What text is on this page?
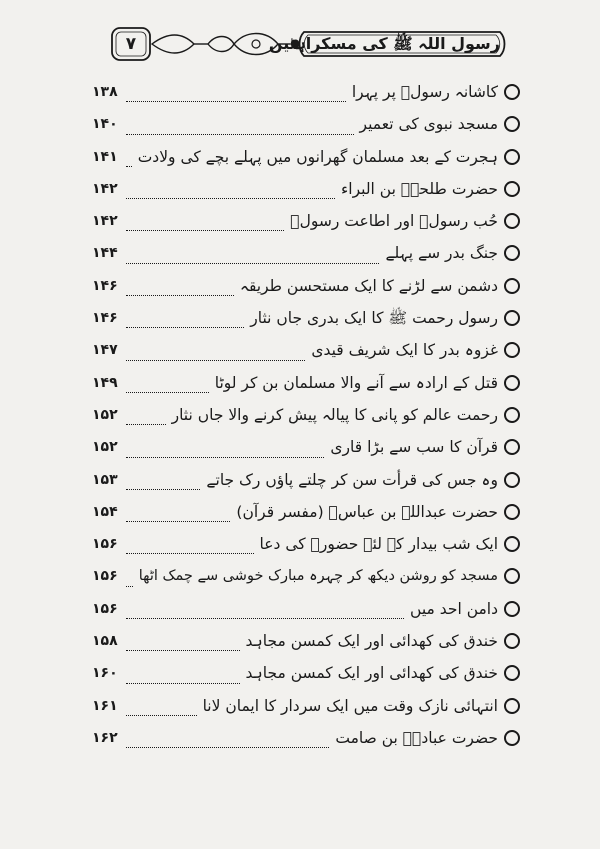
۷	رسول اللہ ﷺ کی مسکراہٹیں
کاشانہ رسولؐ پر پہرا
۱۳۸
مسجد نبوی کی تعمیر
۱۴۰
ہجرت کے بعد مسلمان گھرانوں میں پہلے بچے کی ولادت
۱۴۱
حضرت طلحہؓ بن البراء
۱۴۲
حُب رسولؐ اور اطاعت رسولؐ
۱۴۲
جنگ بدر سے پہلے
۱۴۴
دشمن سے لڑنے کا ایک مستحسن طریقہ
۱۴۶
رسول رحمت ﷺ کا ایک بدری جاں نثار
۱۴۶
غزوہ بدر کا ایک شریف قیدی
۱۴۷
قتل کے ارادہ سے آنے والا مسلمان بن کر لوٹا
۱۴۹
رحمت عالم کو پانی کا پیالہ پیش کرنے والا جاں نثار
۱۵۲
قرآن کا سب سے بڑا قاری
۱۵۲
وہ جس کی قرأت سن کر چلتے پاؤں رک جاتے
۱۵۳
حضرت عبداللہ بن عباسؓ (مفسر قرآن)
۱۵۴
ایک شب بیدار کے لئے حضورؐ کی دعا
۱۵۶
مسجد کو روشن دیکھ کر چہرہ مبارک خوشی سے چمک اٹھا
۱۵۶
دامن احد میں
۱۵۶
خندق کی کھدائی اور ایک کمسن مجاہد
۱۵۸
خندق کی کھدائی اور ایک کمسن مجاہد
۱۶۰
انتہائی نازک وقت میں ایک سردار کا ایمان لانا
۱۶۱
حضرت عبادہؓ بن صامت
۱۶۲
